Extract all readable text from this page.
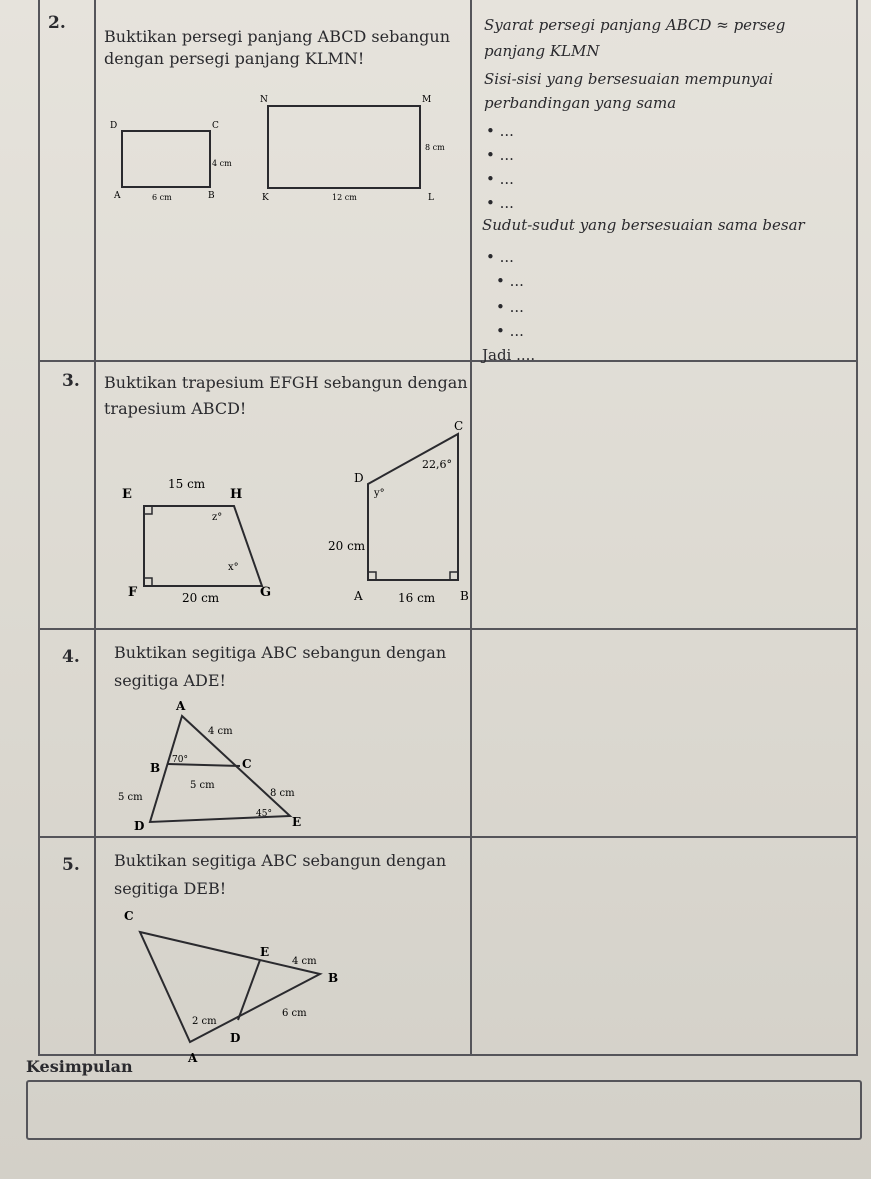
2.
Buktikan persegi panjang ABCD sebangun
dengan persegi panjang KLMN!
D	C
A	B
4 cm
6 cm
N	M
K	L
8 cm
12 cm
Syarat persegi panjang ABCD ≈ perseg
panjang KLMN
Sisi-sisi yang bersesuaian mempunyai
perbandingan yang sama
• ...
• ...
• ...
• ...
Sudut-sudut yang bersesuaian sama besar
• ...
• ...
• ...
• ...
Jadi ....
3. Buktikan trapesium EFGH sebangun dengan
trapesium ABCD!
E	H
F	G
15 cm
20 cm
z°
x°
C
D
A	B
22,6°
y°
20 cm
16 cm
4. Buktikan segitiga ABC sebangun dengan
segitiga ADE!
A
B	C
D	E
4 cm
70°
5 cm
5 cm	8 cm
45°
5. Buktikan segitiga ABC sebangun dengan
segitiga DEB!
C
E
B
D
A
4 cm
2 cm
6 cm
Kesimpulan
